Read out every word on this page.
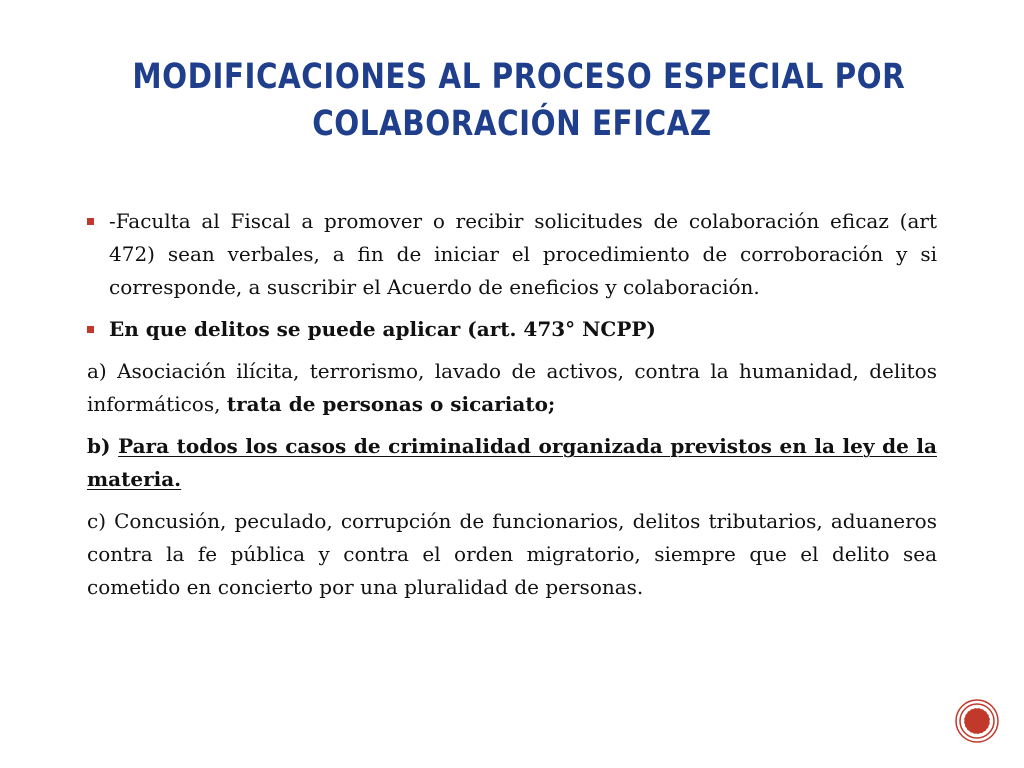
MODIFICACIONES AL PROCESO ESPECIAL POR
COLABORACIÓN EFICAZ
-Faculta al Fiscal a promover o recibir solicitudes de colaboración eficaz (art 472) sean verbales, a fin de iniciar el procedimiento de corroboración y si corresponde, a suscribir el Acuerdo de eneficios y colaboración.
En que delitos se puede aplicar (art. 473° NCPP)

a) Asociación ilícita, terrorismo, lavado de activos, contra la humanidad, delitos informáticos, trata de personas o sicariato;

b) Para todos los casos de criminalidad organizada previstos en la ley de la materia.

c) Concusión, peculado, corrupción de funcionarios, delitos tributarios, aduaneros contra la fe pública y contra el orden migratorio, siempre que el delito sea cometido en concierto por una pluralidad de personas.
